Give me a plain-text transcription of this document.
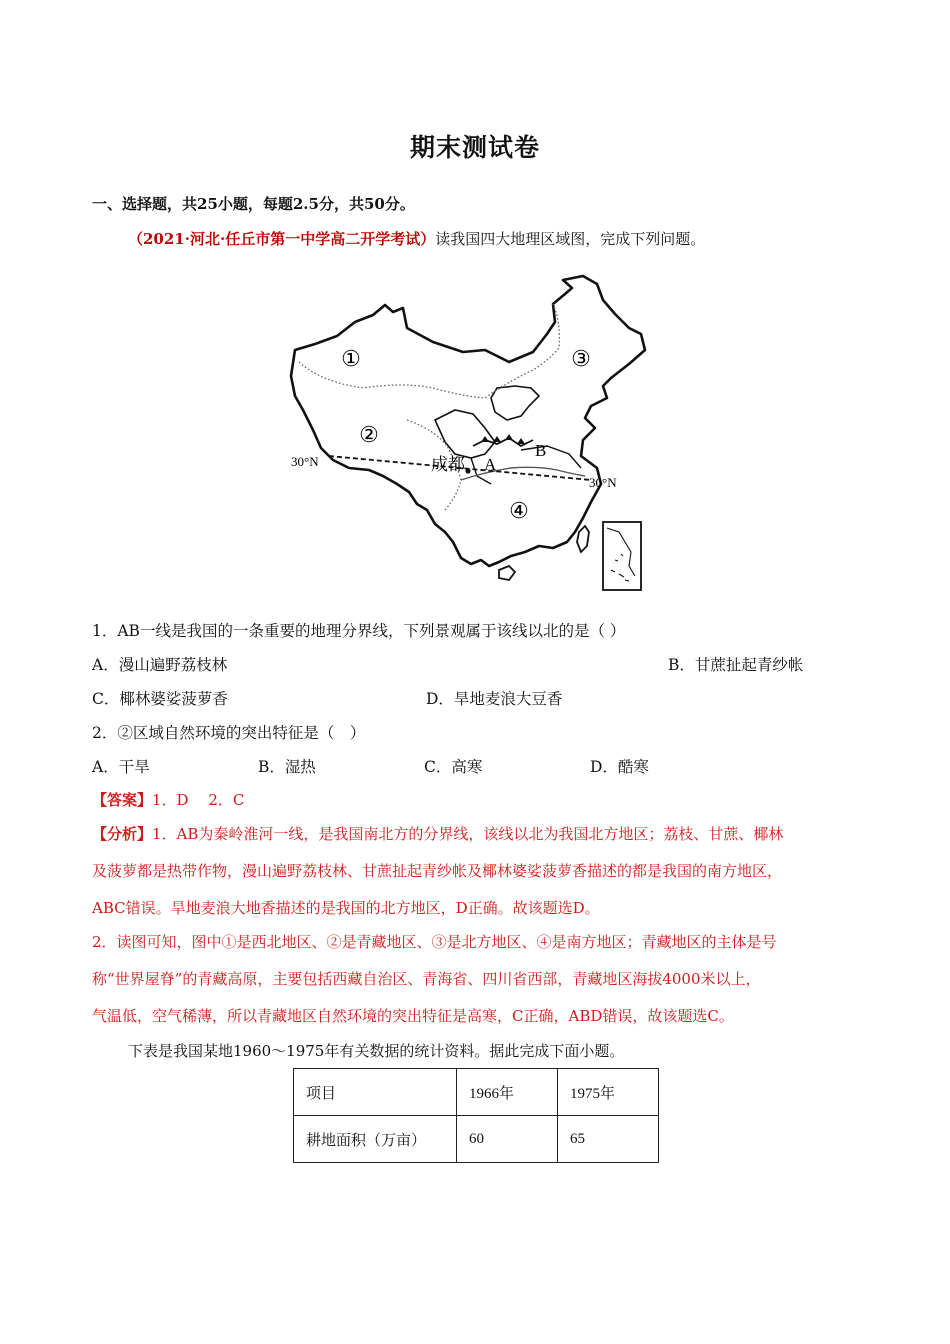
期末测试卷
一、选择题，共25小题，每题2.5分，共50分。
（2021·河北·任丘市第一中学高二开学考试）读我国四大地理区域图，完成下列问题。
①
②
③
④
30°N
30°N
成都 A
B
1．AB一线是我国的一条重要的地理分界线，下列景观属于该线以北的是（ ）
A．漫山遍野荔枝林	B．甘蔗扯起青纱帐
C．椰林婆娑菠萝香	D．旱地麦浪大豆香
2．②区域自然环境的突出特征是（　）
A．干旱	B．湿热	C．高寒	D．酷寒
【答案】1．D　 2．C
【分析】1．AB为秦岭淮河一线，是我国南北方的分界线，该线以北为我国北方地区；荔枝、甘蔗、椰林
及菠萝都是热带作物，漫山遍野荔枝林、甘蔗扯起青纱帐及椰林婆娑菠萝香描述的都是我国的南方地区，
ABC错误。旱地麦浪大地香描述的是我国的北方地区，D正确。故该题选D。
2．读图可知，图中①是西北地区、②是青藏地区、③是北方地区、④是南方地区；青藏地区的主体是号
称“世界屋脊”的青藏高原，主要包括西藏自治区、青海省、四川省西部，青藏地区海拔4000米以上，
气温低，空气稀薄，所以青藏地区自然环境的突出特征是高寒，C正确，ABD错误，故该题选C。
下表是我国某地1960～1975年有关数据的统计资料。据此完成下面小题。
项目	1966年	1975年
耕地面积（万亩）	60	65
